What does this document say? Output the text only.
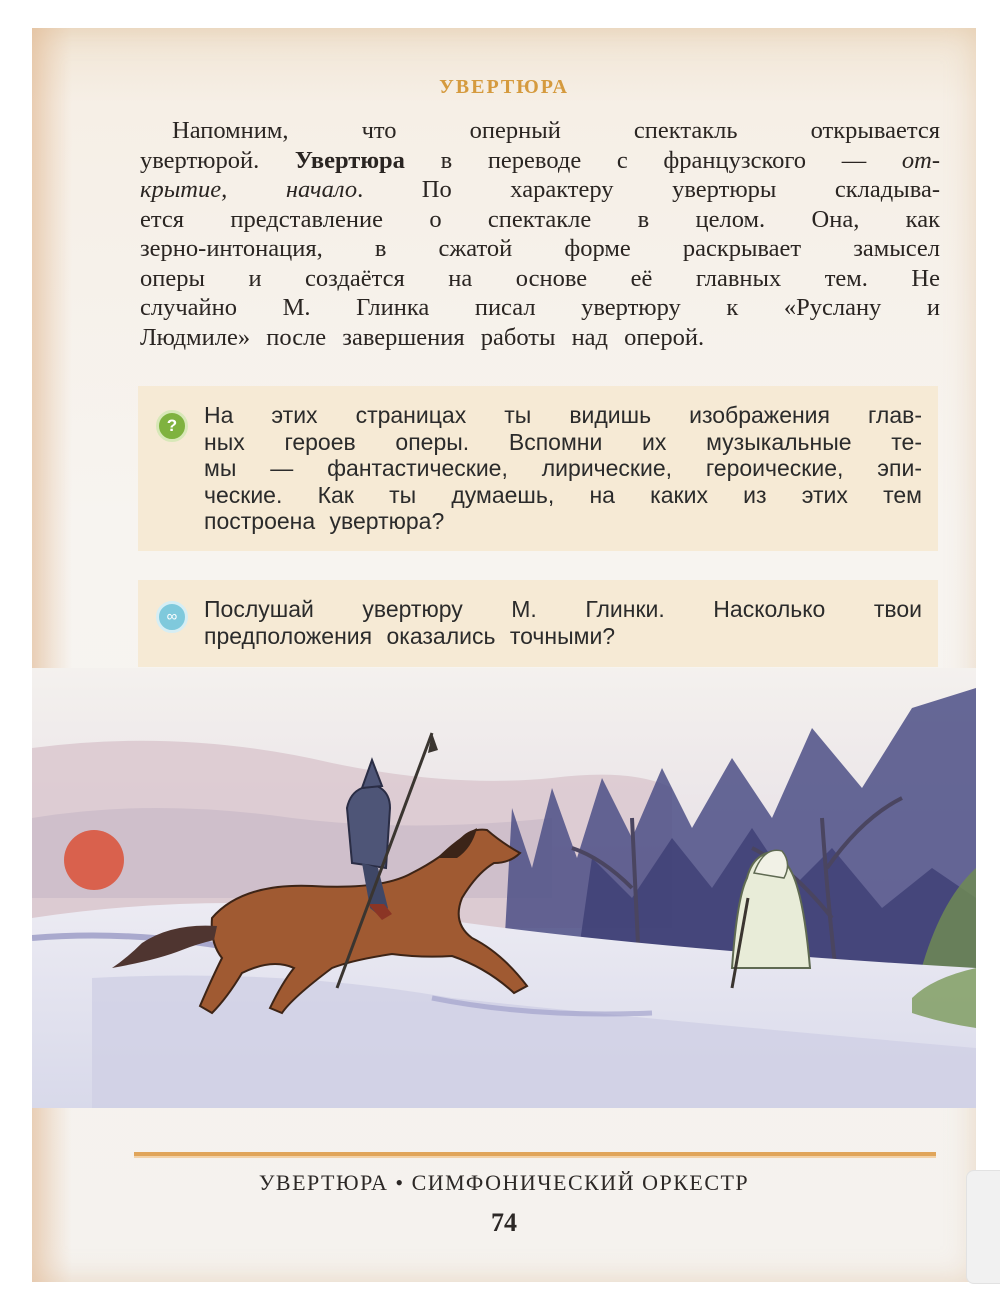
УВЕРТЮРА
Напомним, что оперный спектакль открывается
увертюрой. Увертюра в переводе с французского — от-
крытие, начало. По характеру увертюры складыва-
ется представление о спектакле в целом. Она, как
зерно-интонация, в сжатой форме раскрывает замысел
оперы и создаётся на основе её главных тем. Не
случайно М. Глинка писал увертюру к «Руслану и
Людмиле» после завершения работы над оперой.
?	На этих страницах ты видишь изображения глав-
ных героев оперы. Вспомни их музыкальные те-
мы — фантастические, лирические, героические, эпи-
ческие. Как ты думаешь, на каких из этих тем
построена увертюра?
∞	Послушай увертюру М. Глинки. Насколько твои
предположения оказались точными?
УВЕРТЮРА • СИМФОНИЧЕСКИЙ ОРКЕСТР
74
